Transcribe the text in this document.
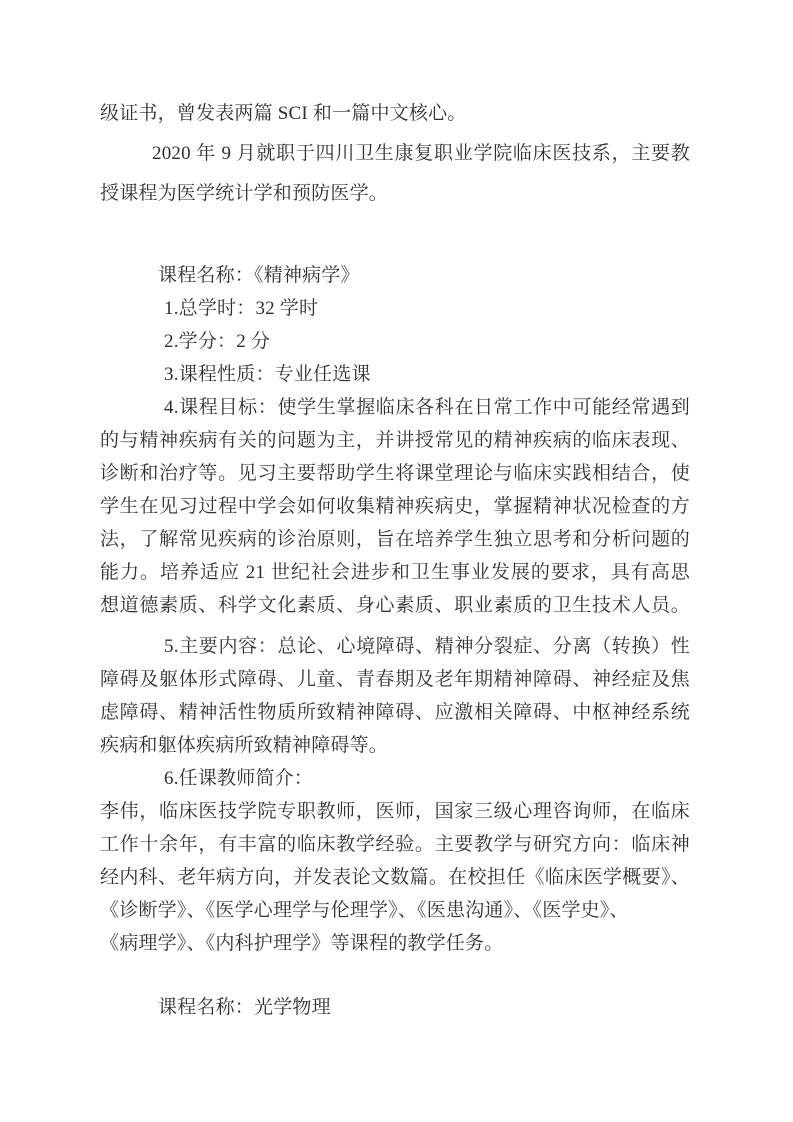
级证书，曾发表两篇 SCI 和一篇中文核心。
2020 年 9 月就职于四川卫生康复职业学院临床医技系，主要教
授课程为医学统计学和预防医学。
课程名称：《精神病学》
1.总学时：32 学时
2.学分：2 分
3.课程性质：专业任选课
4.课程目标：使学生掌握临床各科在日常工作中可能经常遇到
的与精神疾病有关的问题为主，并讲授常见的精神疾病的临床表现、
诊断和治疗等。见习主要帮助学生将课堂理论与临床实践相结合，使
学生在见习过程中学会如何收集精神疾病史，掌握精神状况检查的方
法，了解常见疾病的诊治原则，旨在培养学生独立思考和分析问题的
能力。培养适应 21 世纪社会进步和卫生事业发展的要求，具有高思
想道德素质、科学文化素质、身心素质、职业素质的卫生技术人员。
5.主要内容：总论、心境障碍、精神分裂症、分离（转换）性
障碍及躯体形式障碍、儿童、青春期及老年期精神障碍、神经症及焦
虑障碍、精神活性物质所致精神障碍、应激相关障碍、中枢神经系统
疾病和躯体疾病所致精神障碍等。
6.任课教师简介：
李伟，临床医技学院专职教师，医师，国家三级心理咨询师，在临床
工作十余年，有丰富的临床教学经验。主要教学与研究方向：临床神
经内科、老年病方向，并发表论文数篇。在校担任《临床医学概要》、
《诊断学》、《医学心理学与伦理学》、《医患沟通》、《医学史》、
《病理学》、《内科护理学》等课程的教学任务。
课程名称：光学物理
